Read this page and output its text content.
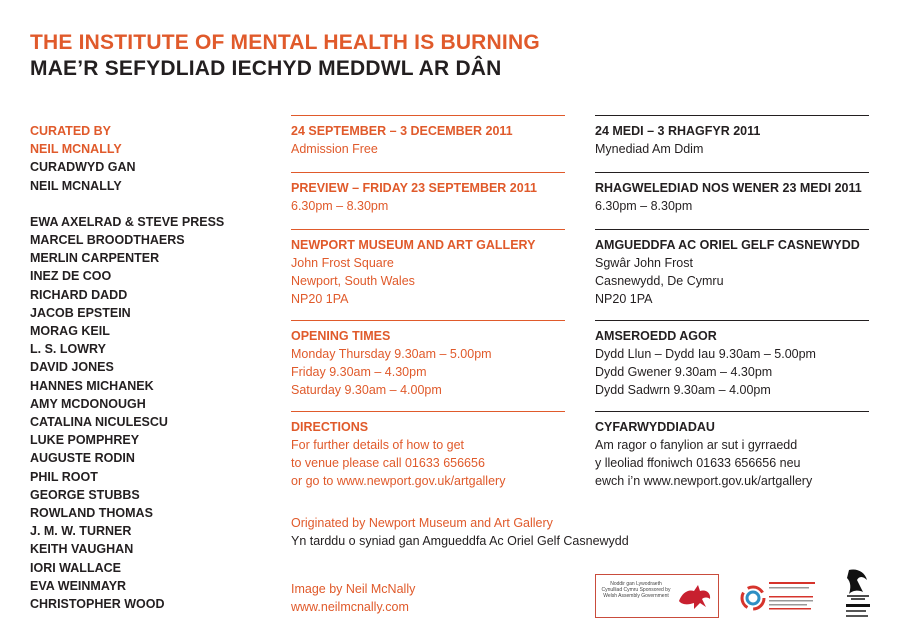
THE INSTITUTE OF MENTAL HEALTH IS BURNING
MAE’R SEFYDLIAD IECHYD MEDDWL AR DÂN
CURATED BY
NEIL MCNALLY
CURADWYD GAN
NEIL MCNALLY
EWA AXELRAD & STEVE PRESS
MARCEL BROODTHAERS
MERLIN CARPENTER
INEZ DE COO
RICHARD DADD
JACOB EPSTEIN
MORAG KEIL
L. S. LOWRY
DAVID JONES
HANNES MICHANEK
AMY MCDONOUGH
CATALINA NICULESCU
LUKE POMPHREY
AUGUSTE RODIN
PHIL ROOT
GEORGE STUBBS
ROWLAND THOMAS
J. M. W. TURNER
KEITH VAUGHAN
IORI WALLACE
EVA WEINMAYR
CHRISTOPHER WOOD
24 SEPTEMBER – 3 DECEMBER 2011
Admission Free
PREVIEW – FRIDAY 23 SEPTEMBER 2011
6.30pm – 8.30pm
NEWPORT MUSEUM AND ART GALLERY
John Frost Square
Newport, South Wales
NP20 1PA
OPENING TIMES
Monday Thursday 9.30am – 5.00pm
Friday 9.30am – 4.30pm
Saturday 9.30am – 4.00pm
DIRECTIONS
For further details of how to get
to venue please call 01633 656656
or go to www.newport.gov.uk/artgallery
24 MEDI – 3 RHAGFYR 2011
Mynediad Am Ddim
RHAGWELEDIAD NOS WENER 23 MEDI 2011
6.30pm – 8.30pm
AMGUEDDFA AC ORIEL GELF CASNEWYDD
Sgwâr John Frost
Casnewydd, De Cymru
NP20 1PA
AMSEROEDD AGOR
Dydd Llun – Dydd Iau 9.30am – 5.00pm
Dydd Gwener 9.30am – 4.30pm
Dydd Sadwrn 9.30am – 4.00pm
CYFARWYDDIADAU
Am ragor o fanylion ar sut i gyrraedd
y lleoliad ffoniwch 01633 656656 neu
ewch i’n www.newport.gov.uk/artgallery
Originated by Newport Museum and Art Gallery
Yn tarddu o syniad gan Amgueddfa Ac Oriel Gelf Casnewydd
Image by Neil McNally
www.neilmcnally.com
Noddir gan Lywodraeth Cynulliad Cymru Sponsored by Welsh Assembly Government
